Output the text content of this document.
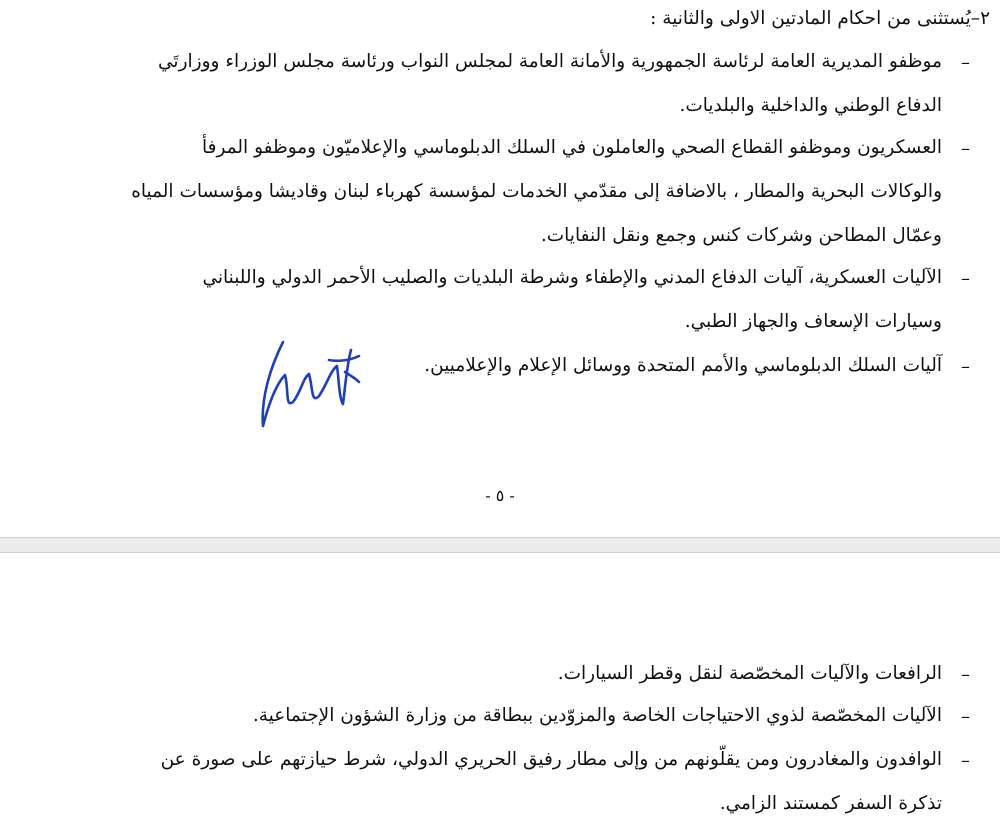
٢–يُستثنى من احكام المادتين الاولى والثانية :
–
موظفو المديرية العامة لرئاسة الجمهورية والأمانة العامة لمجلس النواب ورئاسة مجلس الوزراء ووزارتَي
الدفاع الوطني والداخلية والبلديات.
–
العسكريون وموظفو القطاع الصحي والعاملون في السلك الدبلوماسي والإعلاميّون وموظفو المرفأ
والوكالات البحرية والمطار ، بالاضافة إلى مقدّمي الخدمات لمؤسسة كهرباء لبنان وقاديشا ومؤسسات المياه
وعمّال المطاحن وشركات كنس وجمع ونقل النفايات.
–
الآليات العسكرية، آليات الدفاع المدني والإطفاء وشرطة البلديات والصليب الأحمر الدولي واللبناني
وسيارات الإسعاف والجهاز الطبي.
–
آليات السلك الدبلوماسي والأمم المتحدة ووسائل الإعلام والإعلاميين.
- ٥ -
–
الرافعات والآليات المخصّصة لنقل وقطر السيارات.
–
الآليات المخصّصة لذوي الاحتياجات الخاصة والمزوّدين ببطاقة من وزارة الشؤون الإجتماعية.
–
الوافدون والمغادرون ومن يقلّونهم من وإلى مطار رفيق الحريري الدولي، شرط حيازتهم على صورة عن
تذكرة السفر كمستند الزامي.
